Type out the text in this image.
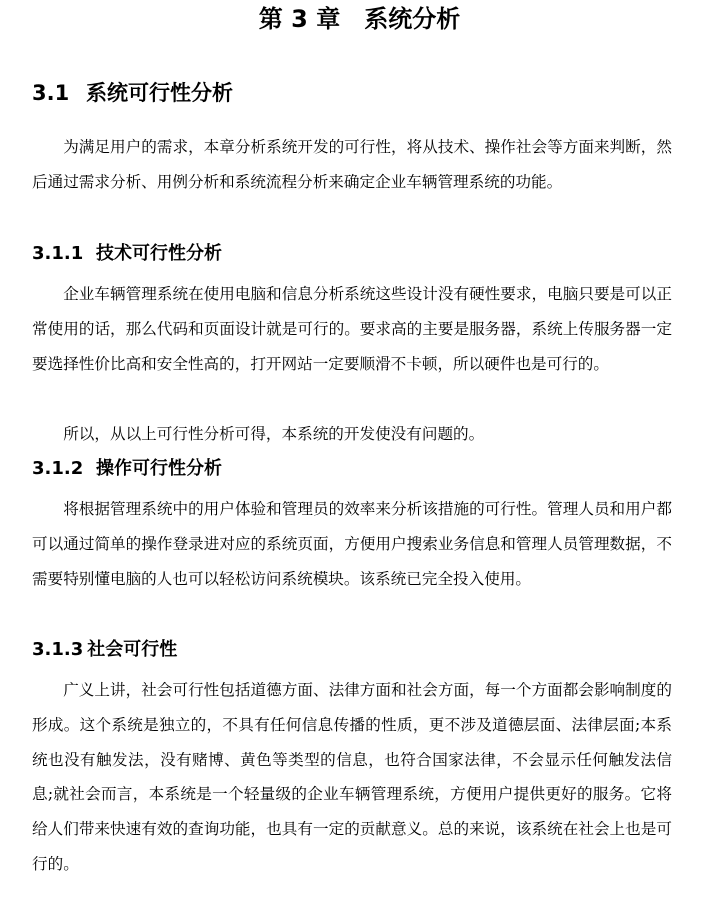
第 3 章　系统分析
3.1 系统可行性分析

为满足用户的需求，本章分析系统开发的可行性，将从技术、操作社会等方面来判断，然后通过需求分析、用例分析和系统流程分析来确定企业车辆管理系统的功能。

3.1.1 技术可行性分析

企业车辆管理系统在使用电脑和信息分析系统这些设计没有硬性要求，电脑只要是可以正常使用的话，那么代码和页面设计就是可行的。要求高的主要是服务器，系统上传服务器一定要选择性价比高和安全性高的，打开网站一定要顺滑不卡顿，所以硬件也是可行的。

所以，从以上可行性分析可得，本系统的开发使没有问题的。

3.1.2 操作可行性分析

将根据管理系统中的用户体验和管理员的效率来分析该措施的可行性。管理人员和用户都可以通过简单的操作登录进对应的系统页面，方便用户搜索业务信息和管理人员管理数据，不需要特别懂电脑的人也可以轻松访问系统模块。该系统已完全投入使用。

3.1.3 社会可行性

广义上讲，社会可行性包括道德方面、法律方面和社会方面，每一个方面都会影响制度的形成。这个系统是独立的，不具有任何信息传播的性质，更不涉及道德层面、法律层面;本系统也没有触发法，没有赌博、黄色等类型的信息，也符合国家法律，不会显示任何触发法信息;就社会而言，本系统是一个轻量级的企业车辆管理系统，方便用户提供更好的服务。它将给人们带来快速有效的查询功能，也具有一定的贡献意义。总的来说，该系统在社会上也是可行的。
